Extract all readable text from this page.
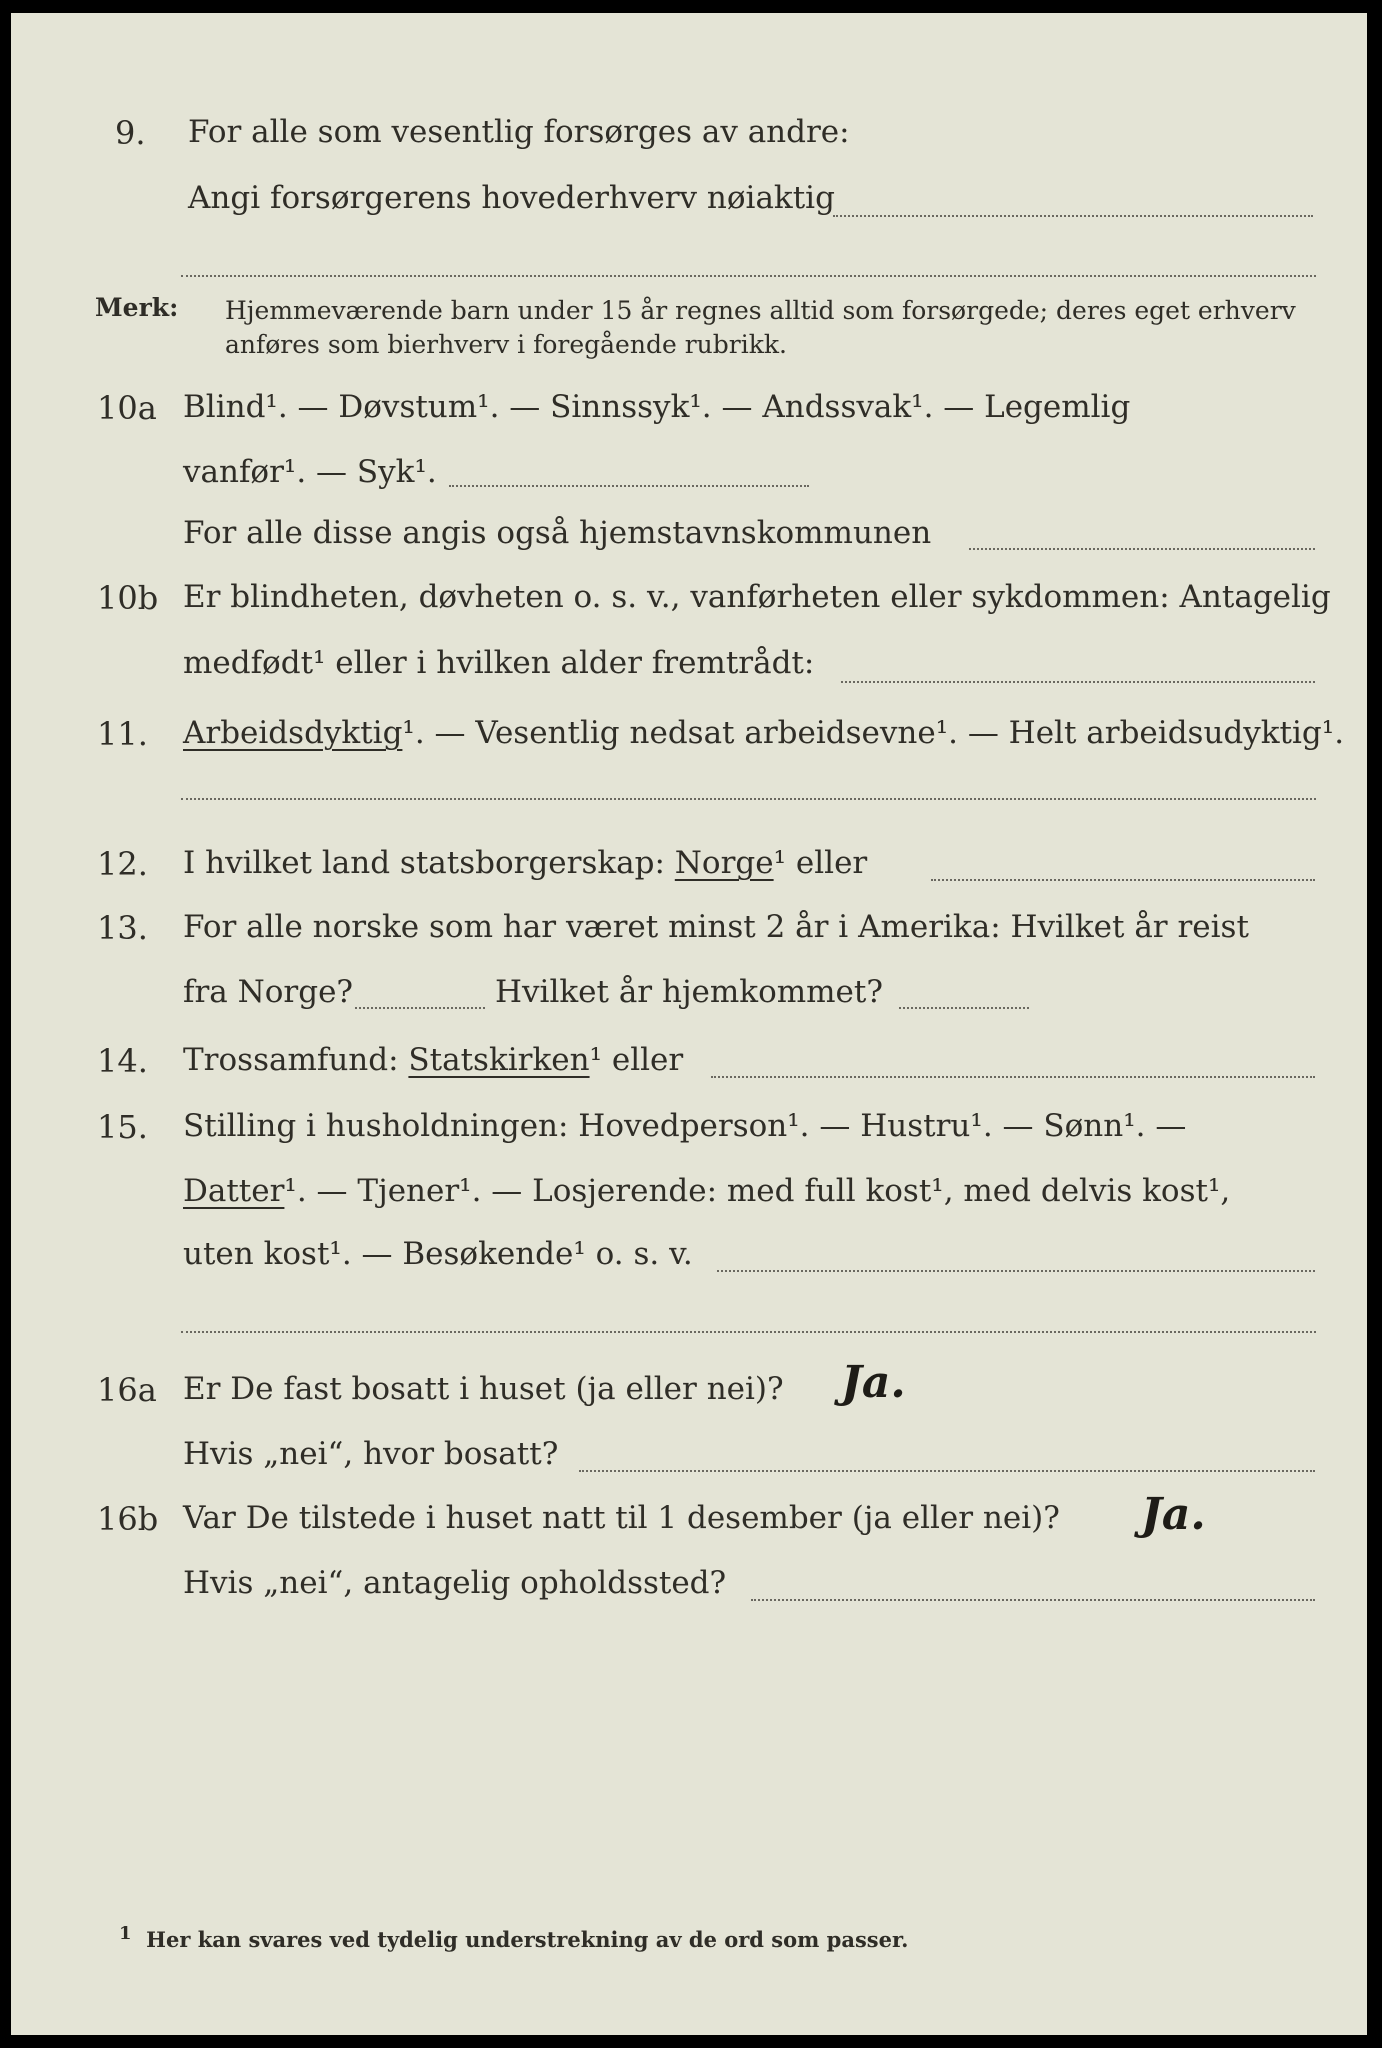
9. For alle som vesentlig forsørges av andre:
Angi forsørgerens hovederhverv nøiaktig
Merk: Hjemmeværende barn under 15 år regnes alltid som forsørgede; deres eget erhverv
anføres som bierhverv i foregående rubrikk.
10a Blind¹. — Døvstum¹. — Sinnssyk¹. — Andssvak¹. — Legemlig
vanfør¹. — Syk¹.
For alle disse angis også hjemstavnskommunen
10b Er blindheten, døvheten o. s. v., vanførheten eller sykdommen: Antagelig
medfødt¹ eller i hvilken alder fremtrådt:
11. Arbeidsdyktig¹. — Vesentlig nedsat arbeidsevne¹. — Helt arbeidsudyktig¹.
12. I hvilket land statsborgerskap: Norge¹ eller
13. For alle norske som har været minst 2 år i Amerika: Hvilket år reist
fra Norge?	Hvilket år hjemkommet?
14. Trossamfund: Statskirken¹ eller
15. Stilling i husholdningen: Hovedperson¹. — Hustru¹. — Sønn¹. —
Datter¹. — Tjener¹. — Losjerende: med full kost¹, med delvis kost¹,
uten kost¹. — Besøkende¹ o. s. v.
16a Er De fast bosatt i huset (ja eller nei)? Ja.
Hvis „nei“, hvor bosatt?
16b Var De tilstede i huset natt til 1 desember (ja eller nei)? Ja.
Hvis „nei“, antagelig opholdssted?
1 Her kan svares ved tydelig understrekning av de ord som passer.
